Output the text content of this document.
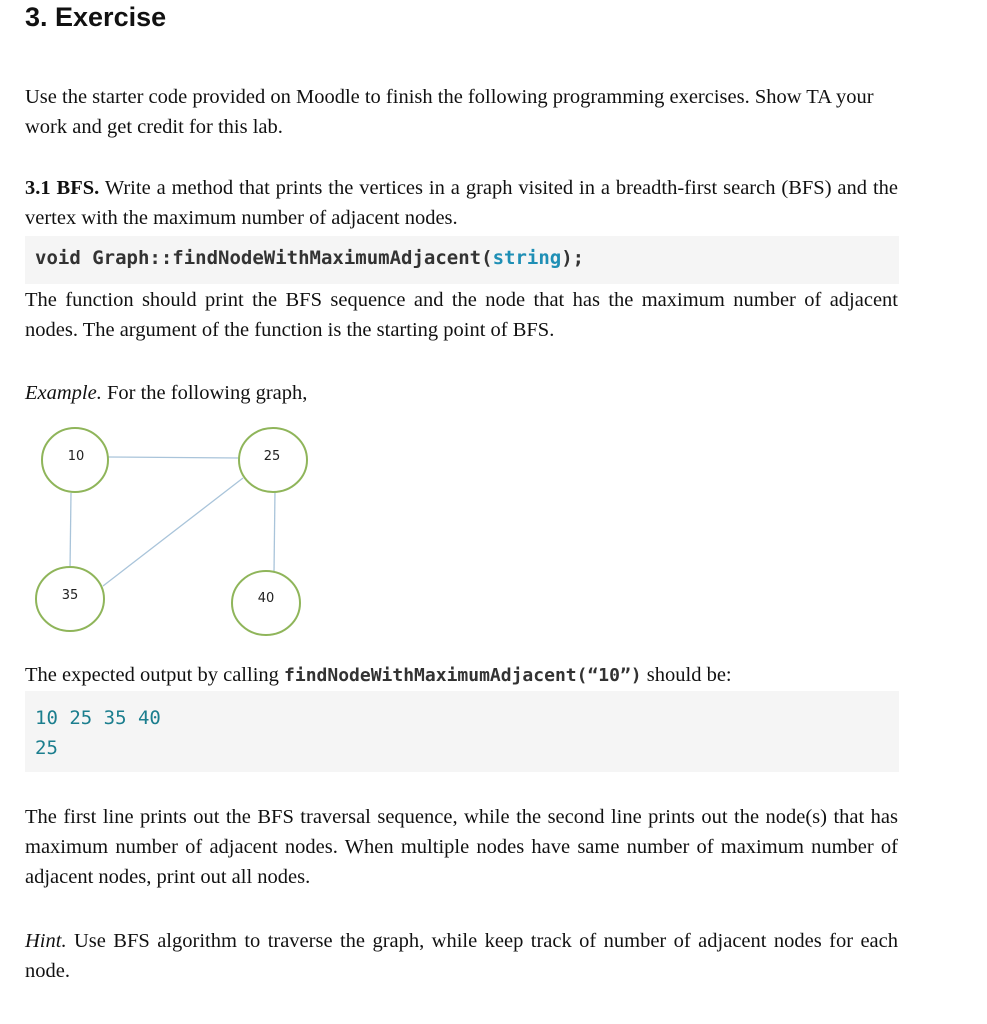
3. Exercise

Use the starter code provided on Moodle to finish the following programming exercises. Show TA your work and get credit for this lab.

3.1 BFS. Write a method that prints the vertices in a graph visited in a breadth-first search (BFS) and the vertex with the maximum number of adjacent nodes.

void Graph::findNodeWithMaximumAdjacent(string);

The function should print the BFS sequence and the node that has the maximum number of adjacent nodes. The argument of the function is the starting point of BFS.

Example. For the following graph,

10	25
35	40

The expected output by calling findNodeWithMaximumAdjacent(“10”) should be:

10 25 35 40
25

The first line prints out the BFS traversal sequence, while the second line prints out the node(s) that has maximum number of adjacent nodes. When multiple nodes have same number of maximum number of adjacent nodes, print out all nodes.

Hint. Use BFS algorithm to traverse the graph, while keep track of number of adjacent nodes for each node.
